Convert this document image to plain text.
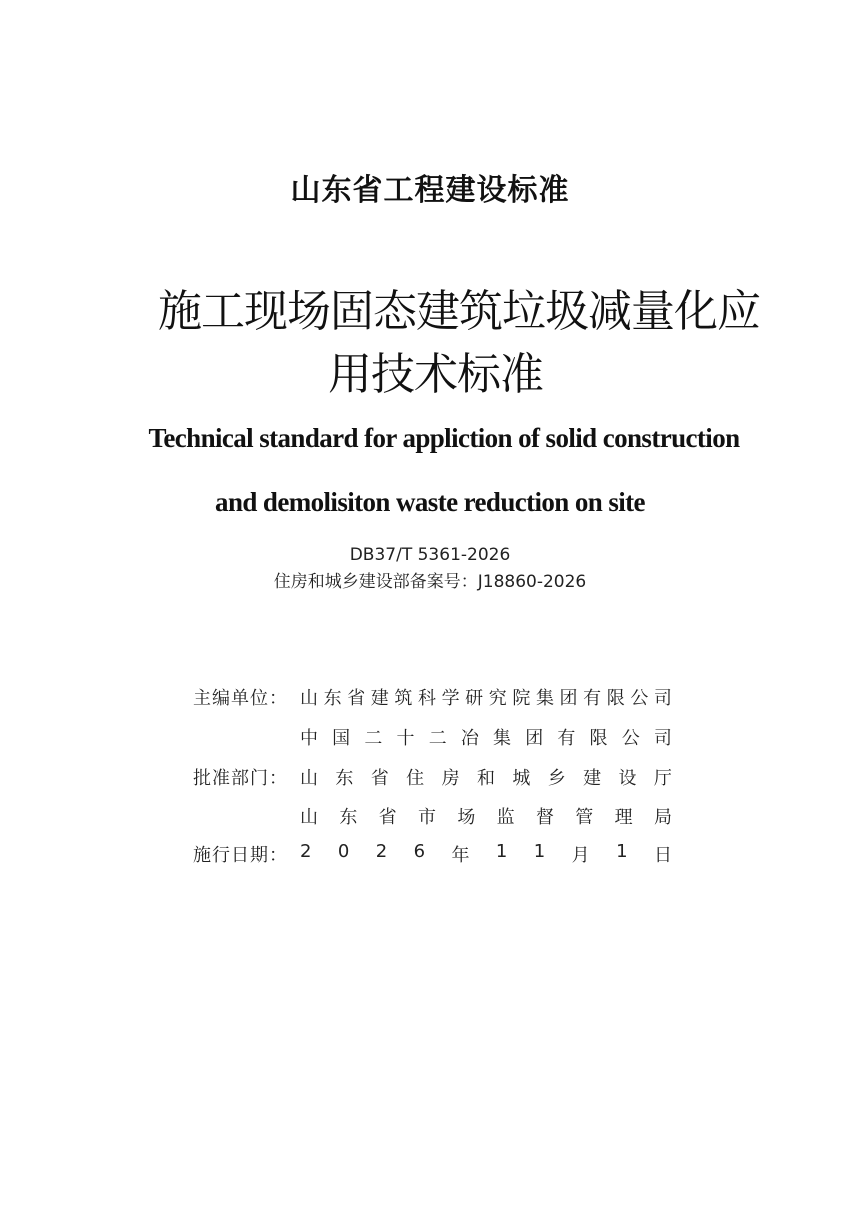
山东省工程建设标准
施工现场固态建筑垃圾减量化应
用技术标准
Technical standard for appliction of solid construction
and demolisiton waste reduction on site
DB37/T 5361-2026
住房和城乡建设部备案号：J18860-2026
主编单位： 山 东 省 建 筑 科 学 研 究 院 集 团 有 限 公 司
中 国 二 十 二 冶 集 团 有 限 公 司
批准部门： 山 东 省 住 房 和 城 乡 建 设 厅
山 东 省 市 场 监 督 管 理 局
施行日期： 2 0 2 6 年 1 1 月 1 日
